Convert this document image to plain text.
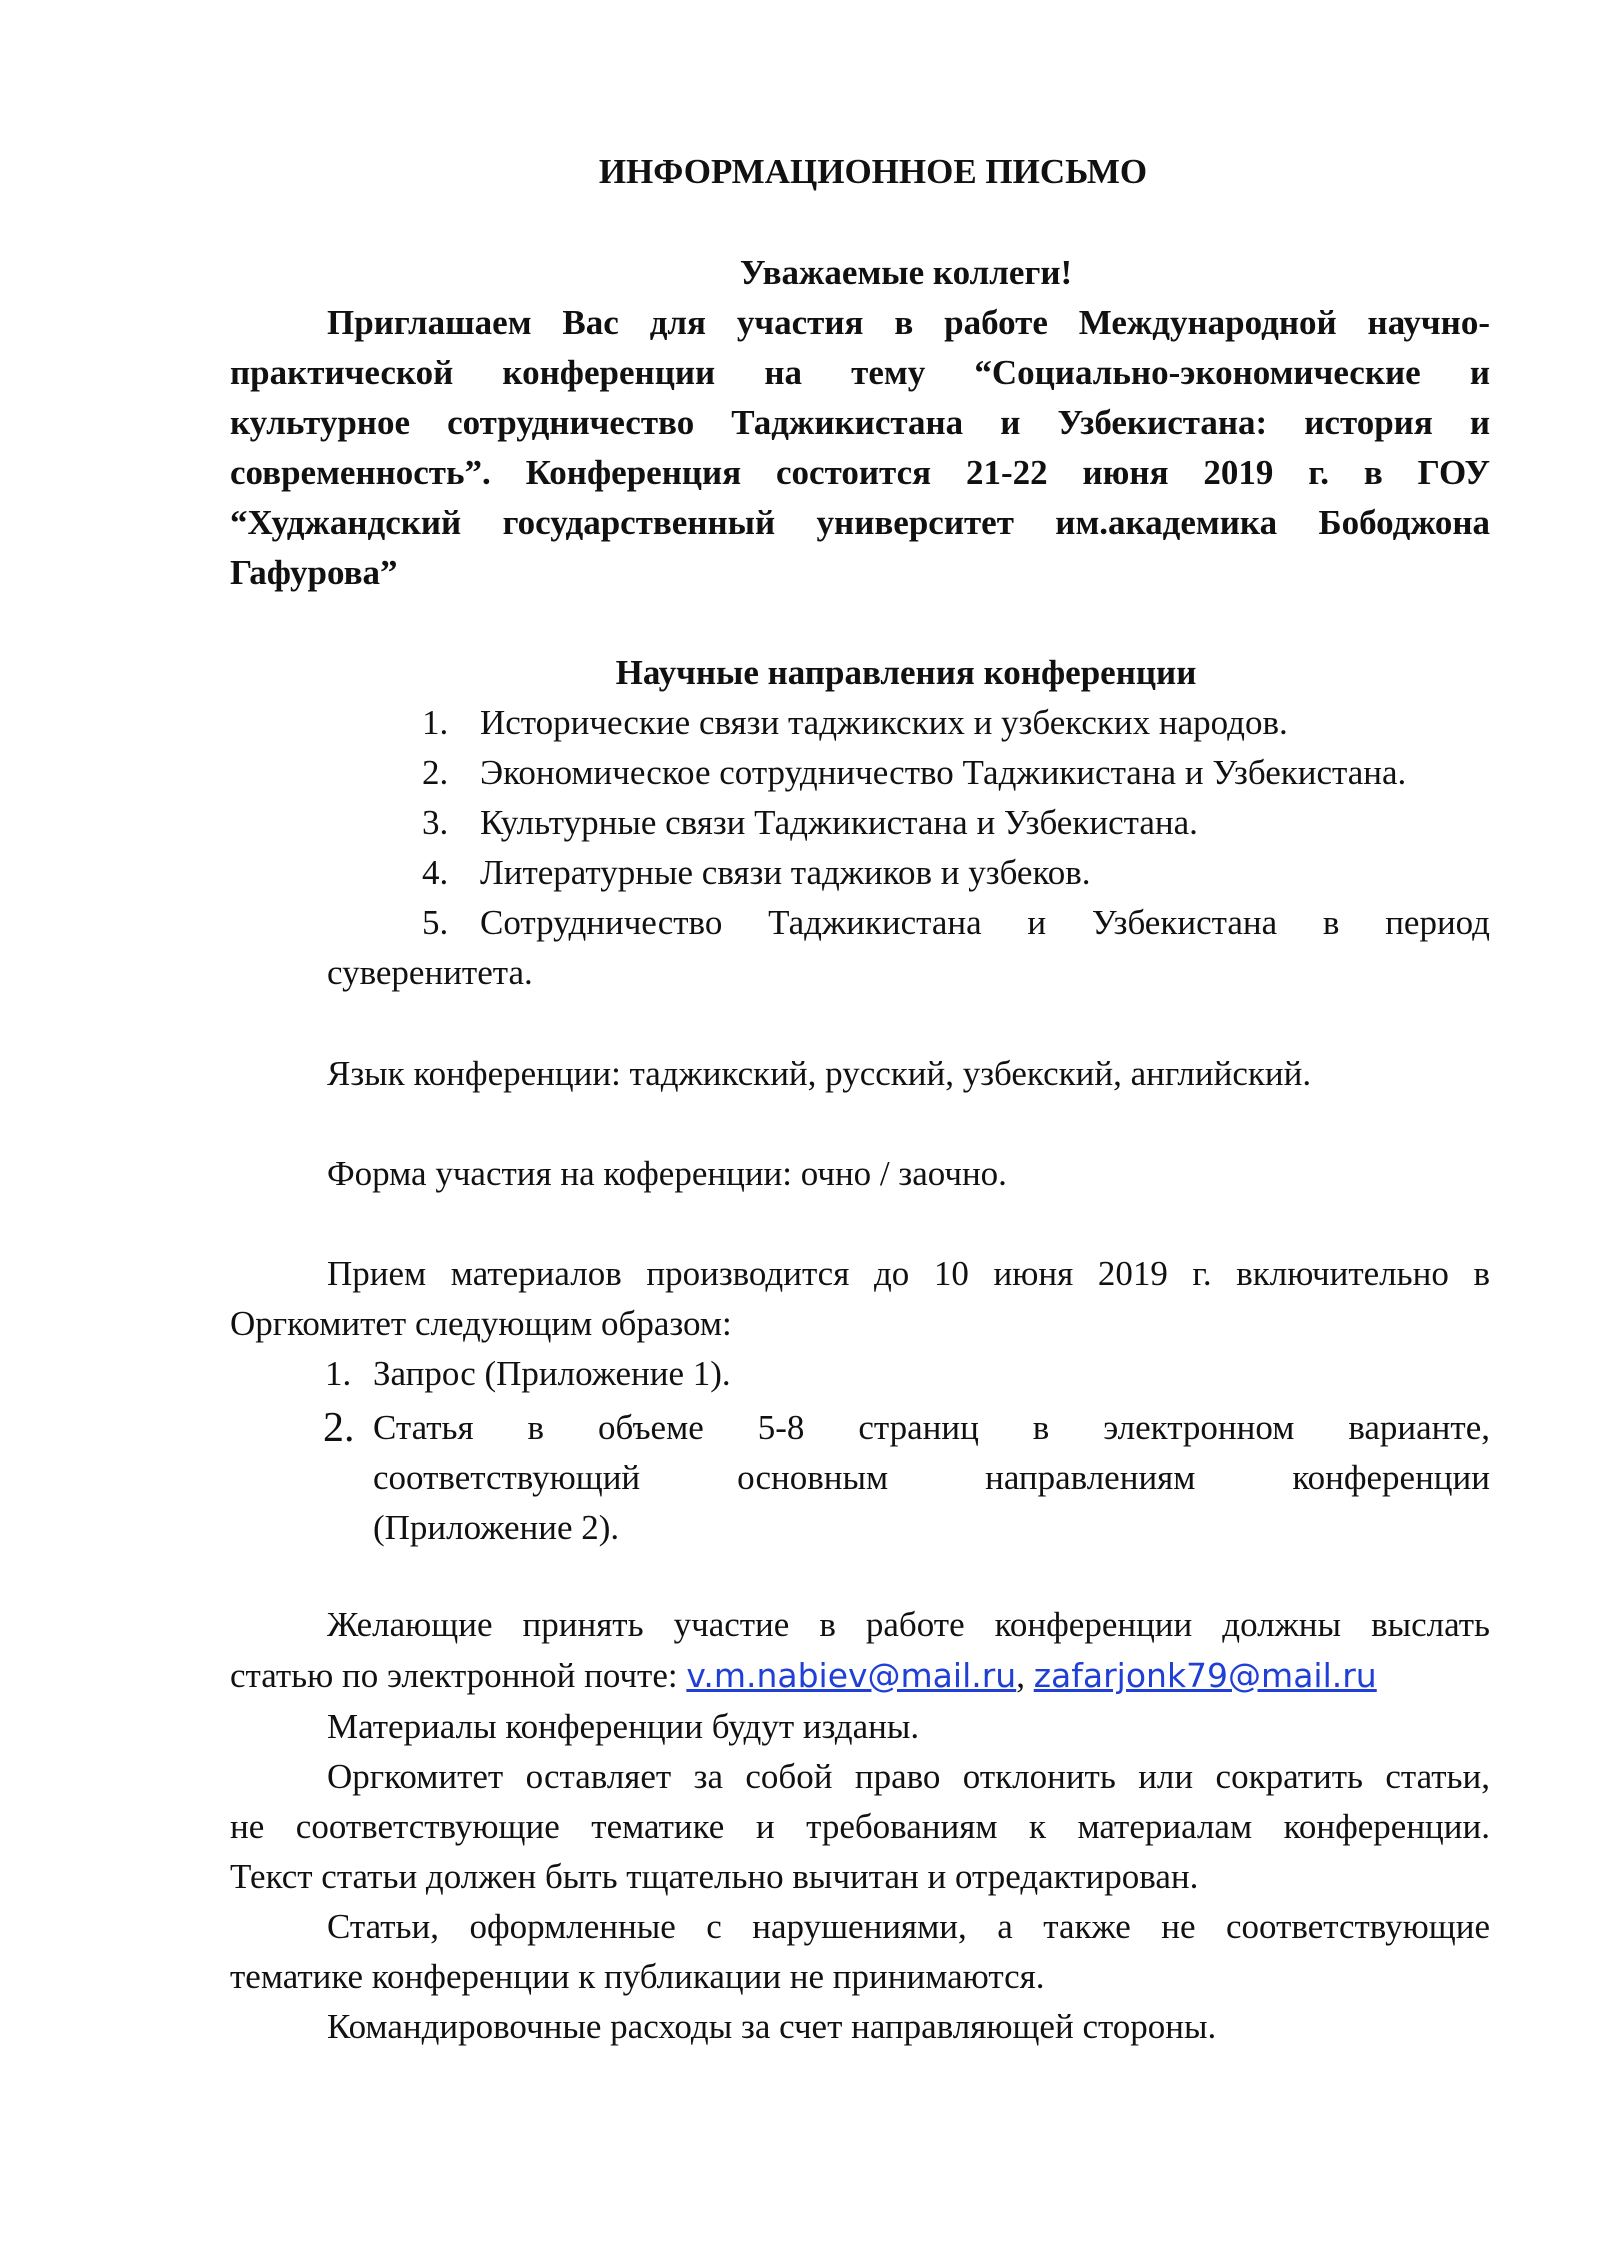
ИНФОРМАЦИОННОЕ ПИСЬМО
Уважаемые коллеги!
Приглашаем Вас для участия в работе Международной научно-
практической конференции на тему “Социально-экономические и
культурное сотрудничество Таджикистана и Узбекистана: история и
современность”. Конференция состоится 21-22 июня 2019 г. в ГОУ
“Худжандский государственный университет им.академика Бободжона
Гафурова”
Научные направления конференции
1. Исторические связи таджикских и узбекских народов.
2. Экономическое сотрудничество Таджикистана и Узбекистана.
3. Культурные связи Таджикистана и Узбекистана.
4. Литературные связи таджиков и узбеков.
5. Сотрудничество Таджикистана и Узбекистана в период
суверенитета.
Язык конференции: таджикский, русский, узбекский, английский.
Форма участия на коференции: очно / заочно.
Прием материалов производится до 10 июня 2019 г. включительно в
Оргкомитет следующим образом:
1. Запрос (Приложение 1).
2. Статья в объеме 5-8 страниц в электронном варианте,
соответствующий основным направлениям конференции
(Приложение 2).
Желающие принять участие в работе конференции должны выслать
статью по электронной почте: v.m.nabiev@mail.ru, zafarjonk79@mail.ru
Материалы конференции будут изданы.
Оргкомитет оставляет за собой право отклонить или сократить статьи,
не соответствующие тематике и требованиям к материалам конференции.
Текст статьи должен быть тщательно вычитан и отредактирован.
Статьи, оформленные с нарушениями, а также не соответствующие
тематике конференции к публикации не принимаются.
Командировочные расходы за счет направляющей стороны.
